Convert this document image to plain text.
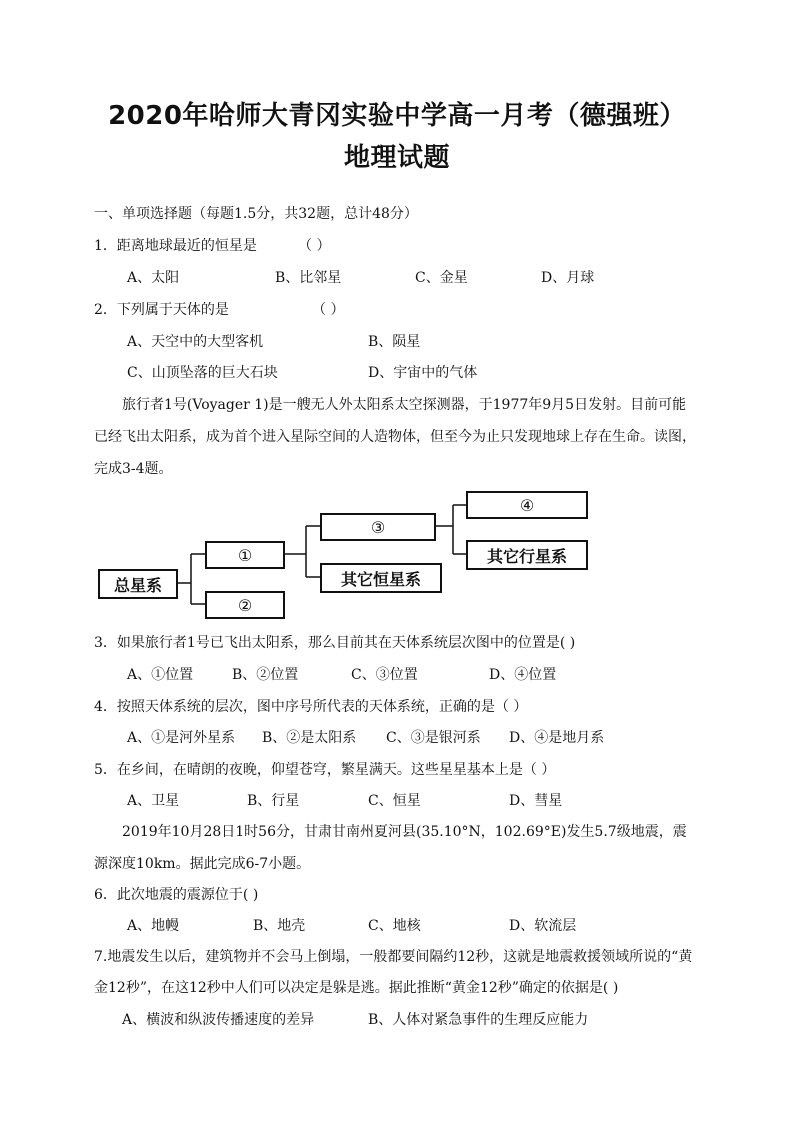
2020年哈师大青冈实验中学高一月考（德强班）
地理试题
一、单项选择题（每题1.5分，共32题，总计48分）
1．距离地球最近的恒星是	（ ）
A、太阳	B、比邻星	C、金星	D、月球
2．下列属于天体的是	（ ）
A、天空中的大型客机	B、陨星
C、山顶坠落的巨大石块	D、宇宙中的气体
旅行者1号(Voyager 1)是一艘无人外太阳系太空探测器，于1977年9月5日发射。目前可能
已经飞出太阳系，成为首个进入星际空间的人造物体，但至今为止只发现地球上存在生命。读图，
完成3-4题。
总星系
①
②
③
其它恒星系
④
其它行星系
3．如果旅行者1号已飞出太阳系，那么目前其在天体系统层次图中的位置是( )
A、①位置	B、②位置	C、③位置	D、④位置
4．按照天体系统的层次，图中序号所代表的天体系统，正确的是（ ）
A、①是河外星系 B、②是太阳系 C、③是银河系 D、④是地月系
5．在乡间，在晴朗的夜晚，仰望苍穹，繁星满天。这些星星基本上是（ ）
A、卫星	B、行星	C、恒星	D、彗星
2019年10月28日1时56分，甘肃甘南州夏河县(35.10°N，102.69°E)发生5.7级地震，震
源深度10km。据此完成6-7小题。
6．此次地震的震源位于( )
A、地幔	B、地壳	C、地核	D、软流层
7.地震发生以后，建筑物并不会马上倒塌，一般都要间隔约12秒，这就是地震救援领域所说的“黄
金12秒”，在这12秒中人们可以决定是躲是逃。据此推断“黄金12秒”确定的依据是( )
A、横波和纵波传播速度的差异	B、人体对紧急事件的生理反应能力
